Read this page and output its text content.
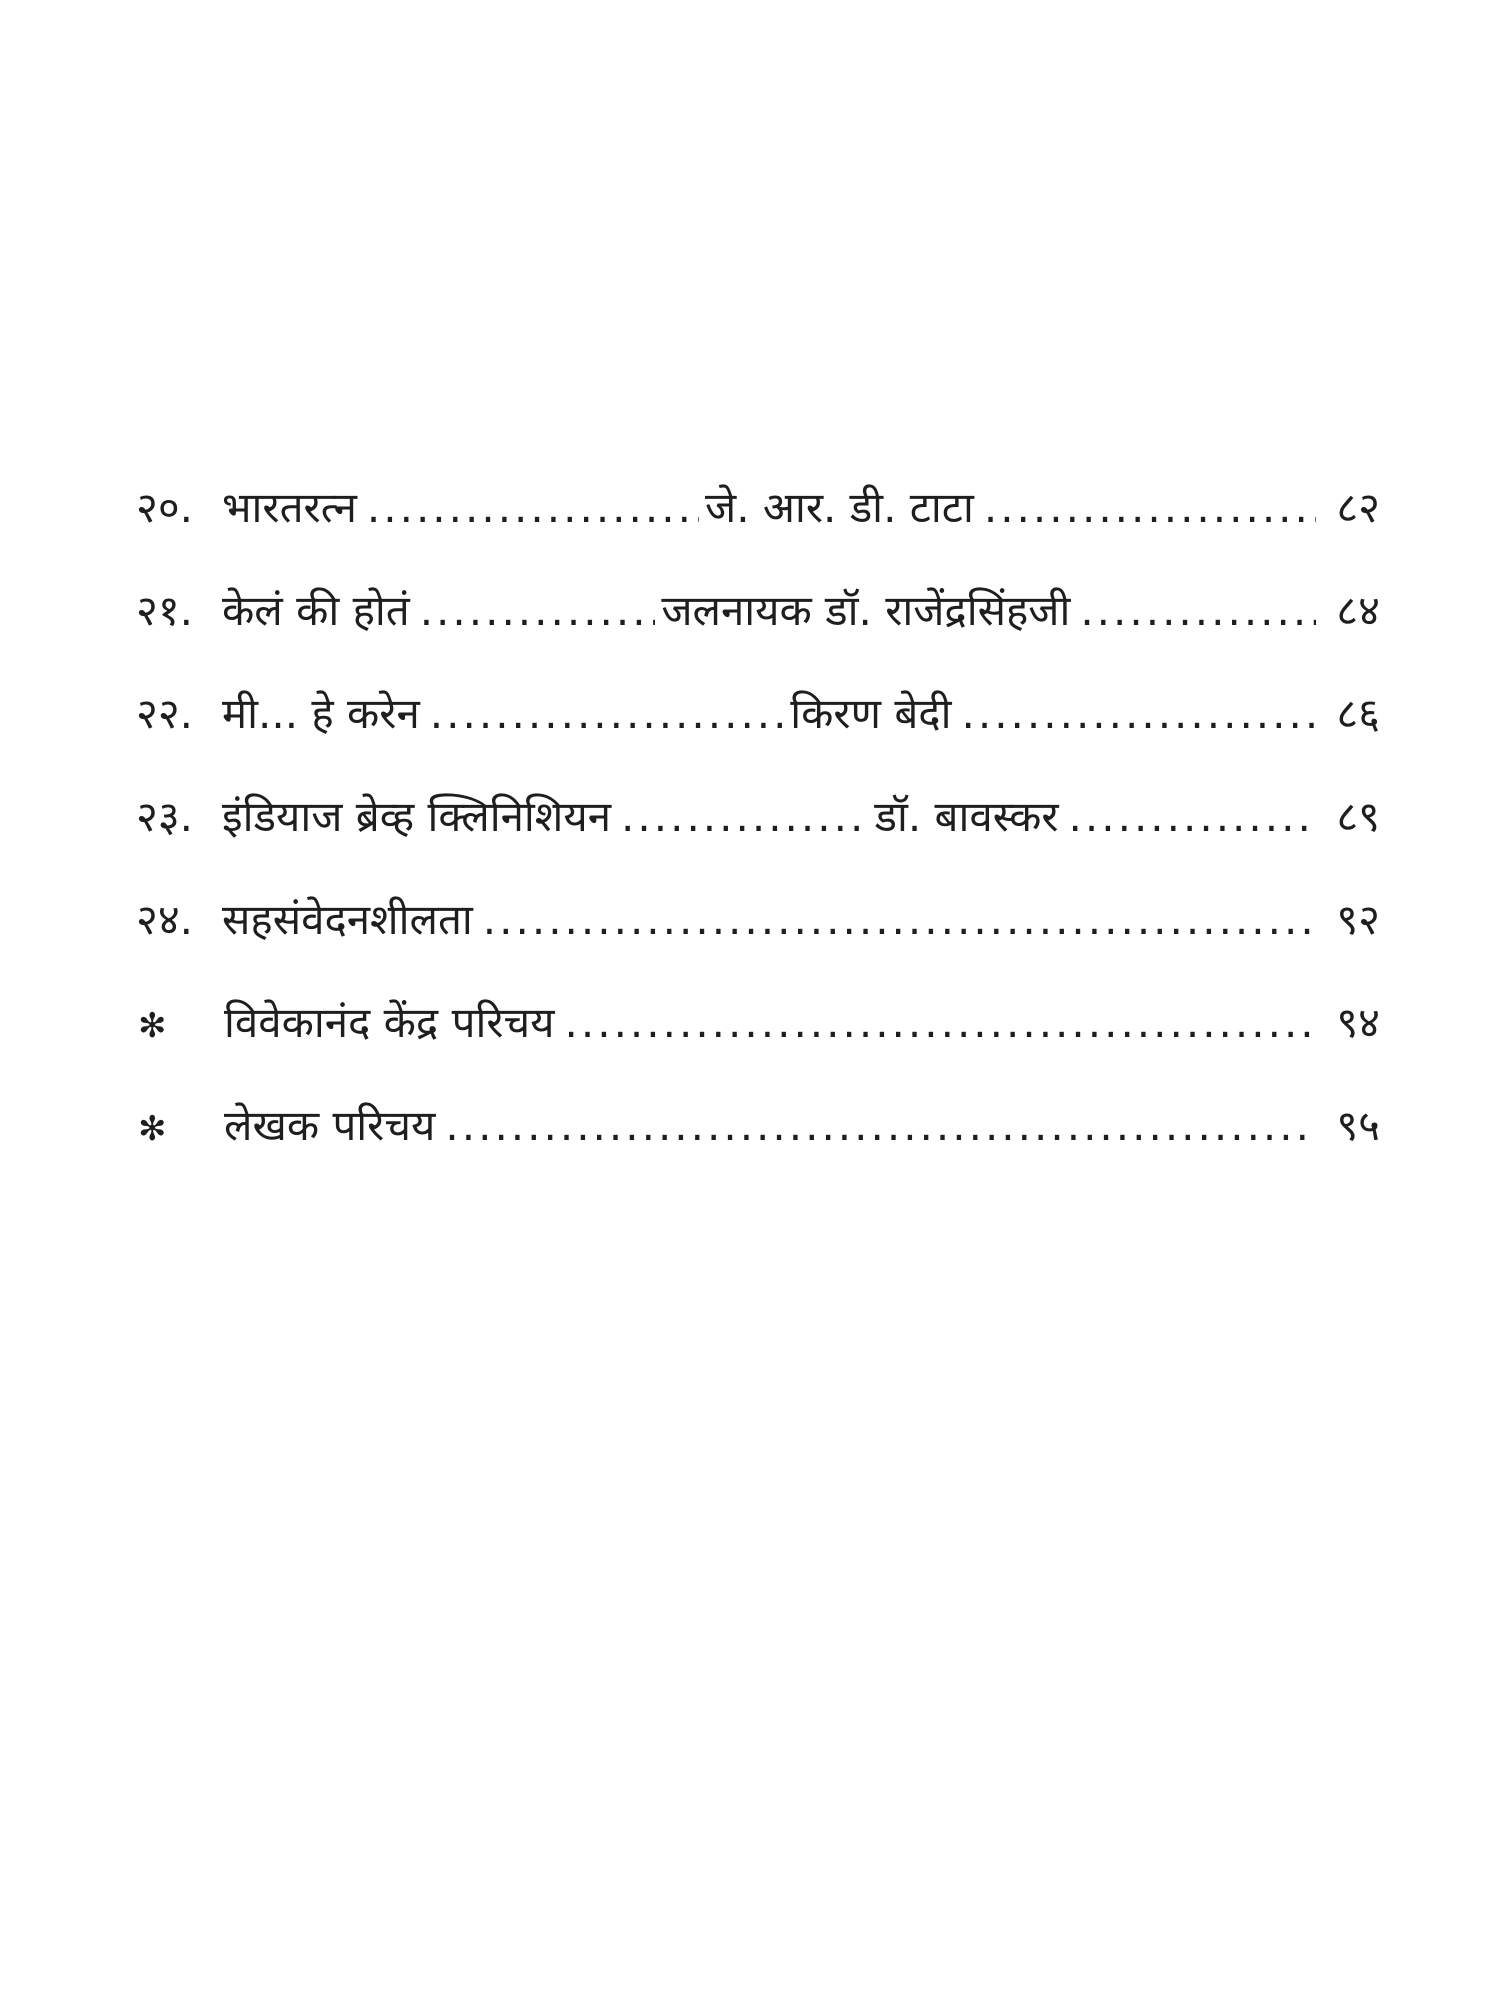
२०. भारतरत्न .....	जे. आर. डी. टाटा .....	८२
२१. केलं की होतं .....	जलनायक डॉ. राजेंद्रसिंहजी .....	८४
२२. मी... हे करेन .....	किरण बेदी .....	८६
२३. इंडियाज ब्रेव्ह क्लिनिशियन .....	डॉ. बावस्कर .....	८९
२४. सहसंवेदनशीलता .....	९२
✻	विवेकानंद केंद्र परिचय .....	९४
✻	लेखक परिचय .....	९५
